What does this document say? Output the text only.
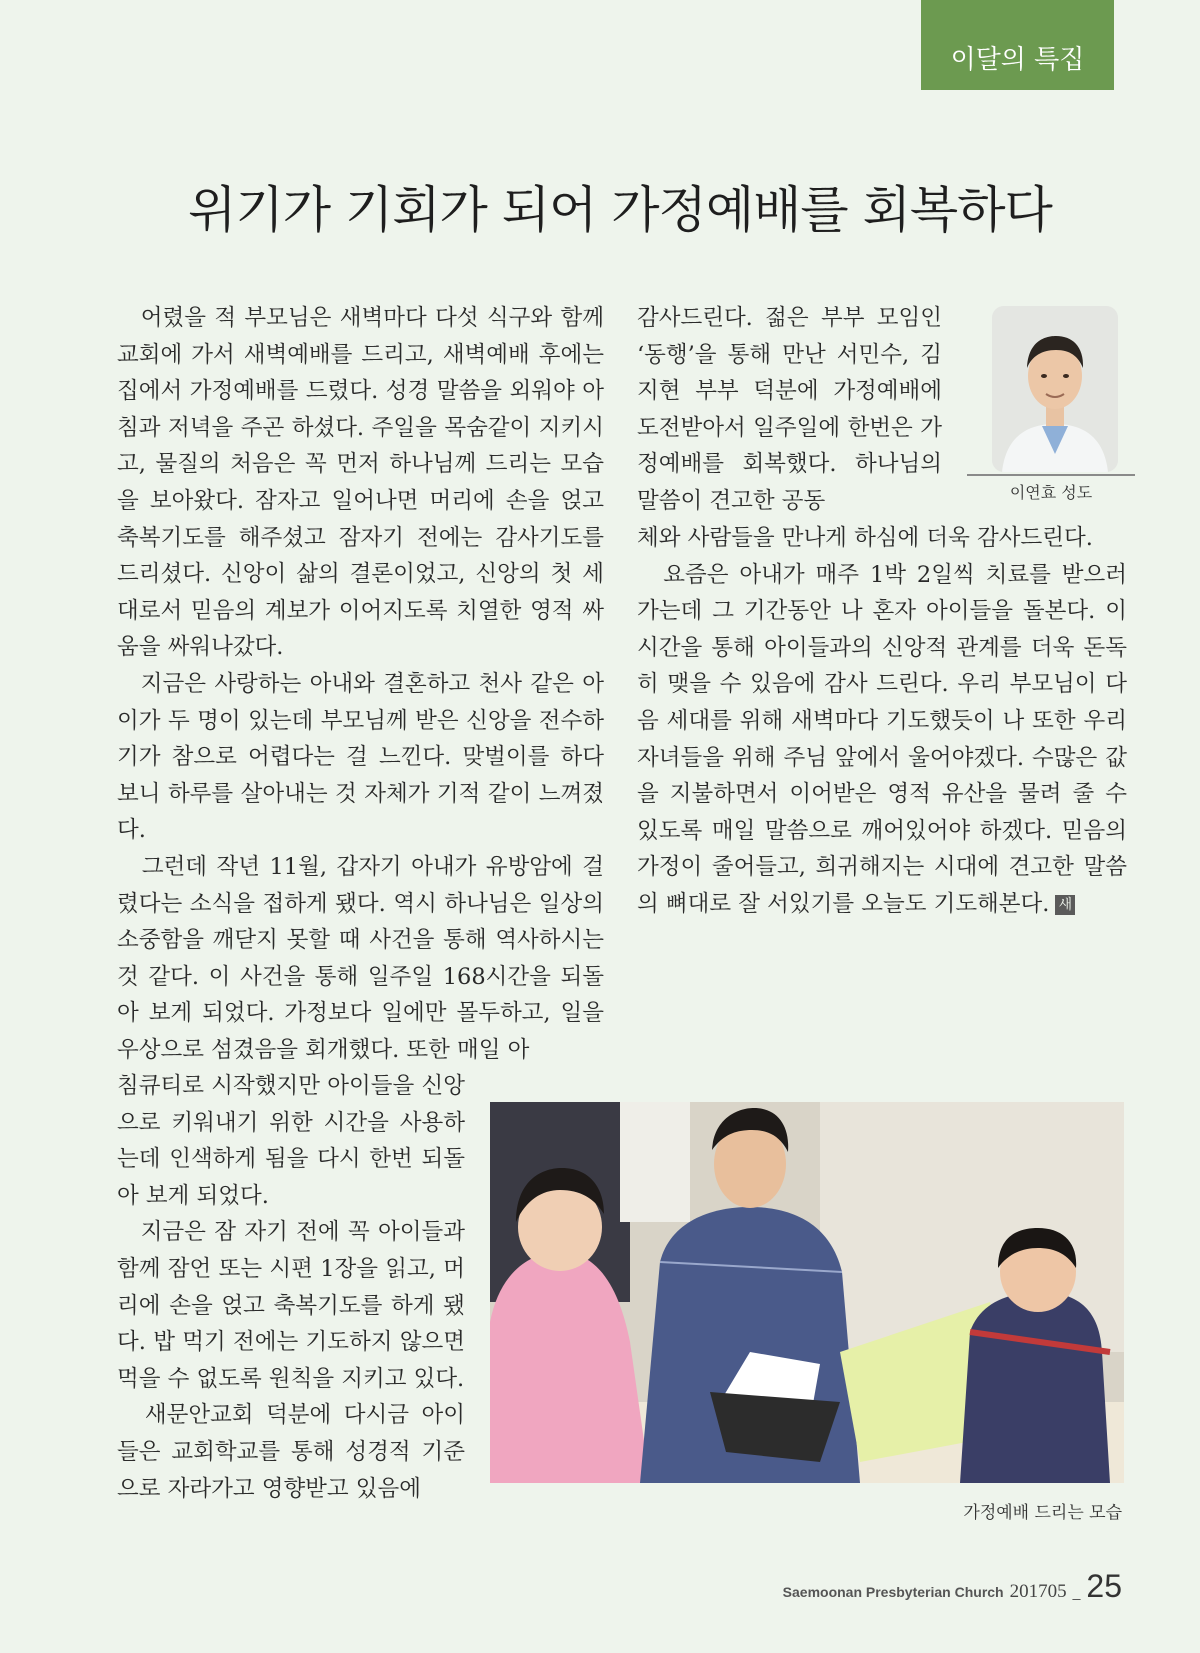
이달의 특집
위기가 기회가 되어 가정예배를 회복하다

　어렸을 적 부모님은 새벽마다 다섯 식구와 함께 교회에 가서 새벽예배를 드리고, 새벽예배 후에는 집에서 가정예배를 드렸다. 성경 말씀을 외워야 아침과 저녁을 주곤 하셨다. 주일을 목숨같이 지키시고, 물질의 처음은 꼭 먼저 하나님께 드리는 모습을 보아왔다. 잠자고 일어나면 머리에 손을 얹고 축복기도를 해주셨고 잠자기 전에는 감사기도를 드리셨다. 신앙이 삶의 결론이었고, 신앙의 첫 세대로서 믿음의 계보가 이어지도록 치열한 영적 싸움을 싸워나갔다.
　지금은 사랑하는 아내와 결혼하고 천사 같은 아이가 두 명이 있는데 부모님께 받은 신앙을 전수하기가 참으로 어렵다는 걸 느낀다. 맞벌이를 하다 보니 하루를 살아내는 것 자체가 기적 같이 느껴졌다.
　그런데 작년 11월, 갑자기 아내가 유방암에 걸렸다는 소식을 접하게 됐다. 역시 하나님은 일상의 소중함을 깨닫지 못할 때 사건을 통해 역사하시는 것 같다. 이 사건을 통해 일주일 168시간을 되돌아 보게 되었다. 가정보다 일에만 몰두하고, 일을 우상으로 섬겼음을 회개했다. 또한 매일 아

이연효 성도

감사드린다. 젊은 부부 모임인 ‘동행’을 통해 만난 서민수, 김지현 부부 덕분에 가정예배에 도전받아서 일주일에 한번은 가정예배를 회복했다. 하나님의 말씀이 견고한 공동

체와 사람들을 만나게 하심에 더욱 감사드린다.
　요즘은 아내가 매주 1박 2일씩 치료를 받으러 가는데 그 기간동안 나 혼자 아이들을 돌본다. 이 시간을 통해 아이들과의 신앙적 관계를 더욱 돈독히 맺을 수 있음에 감사 드린다. 우리 부모님이 다음 세대를 위해 새벽마다 기도했듯이 나 또한 우리 자녀들을 위해 주님 앞에서 울어야겠다. 수많은 값을 지불하면서 이어받은 영적 유산을 물려 줄 수 있도록 매일 말씀으로 깨어있어야 하겠다. 믿음의 가정이 줄어들고, 희귀해지는 시대에 견고한 말씀의 뼈대로 잘 서있기를 오늘도 기도해본다. 새

침큐티로 시작했지만 아이들을 신앙으로 키워내기 위한 시간을 사용하는데 인색하게 됨을 다시 한번 되돌아 보게 되었다.
　지금은 잠 자기 전에 꼭 아이들과 함께 잠언 또는 시편 1장을 읽고, 머리에 손을 얹고 축복기도를 하게 됐다. 밥 먹기 전에는 기도하지 않으면 먹을 수 없도록 원칙을 지키고 있다.
　새문안교회 덕분에 다시금 아이들은 교회학교를 통해 성경적 기준으로 자라가고 영향받고 있음에

가정예배 드리는 모습
Saemoonan Presbyterian Church 201705 _ 25
